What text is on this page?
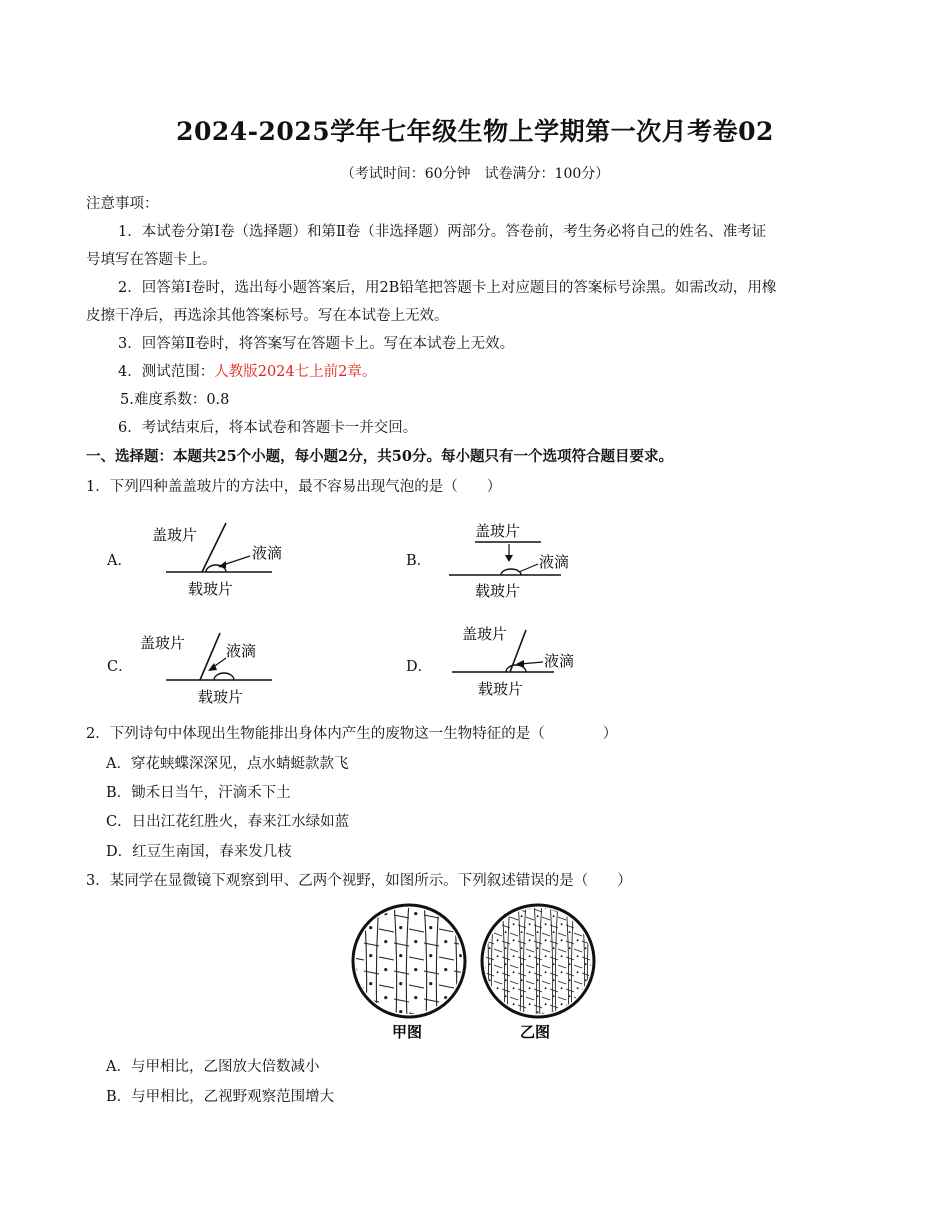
2024-2025学年七年级生物上学期第一次月考卷02
（考试时间：60分钟　试卷满分：100分）
注意事项：
1．本试卷分第Ⅰ卷（选择题）和第Ⅱ卷（非选择题）两部分。答卷前，考生务必将自己的姓名、准考证
号填写在答题卡上。
2．回答第Ⅰ卷时，选出每小题答案后，用2B铅笔把答题卡上对应题目的答案标号涂黑。如需改动，用橡
皮擦干净后，再选涂其他答案标号。写在本试卷上无效。
3．回答第Ⅱ卷时，将答案写在答题卡上。写在本试卷上无效。
4．测试范围：人教版2024七上前2章。
5.难度系数：0.8
6．考试结束后，将本试卷和答题卡一并交回。
一、选择题：本题共25个小题，每小题2分，共50分。每小题只有一个选项符合题目要求。
1．下列四种盖盖玻片的方法中，最不容易出现气泡的是（　　）
A．
盖玻片
液滴
载玻片
B．
盖玻片
液滴
载玻片
C．
盖玻片	液滴
载玻片
D．
盖玻片
液滴
载玻片
2．下列诗句中体现出生物能排出身体内产生的废物这一生物特征的是（　　　　）
A．穿花蛱蝶深深见，点水蜻蜓款款飞
B．锄禾日当午，汗滴禾下土
C．日出江花红胜火，春来江水绿如蓝
D．红豆生南国，春来发几枝
3．某同学在显微镜下观察到甲、乙两个视野，如图所示。下列叙述错误的是（　　）
甲图	乙图
A．与甲相比，乙图放大倍数减小
B．与甲相比，乙视野观察范围增大
